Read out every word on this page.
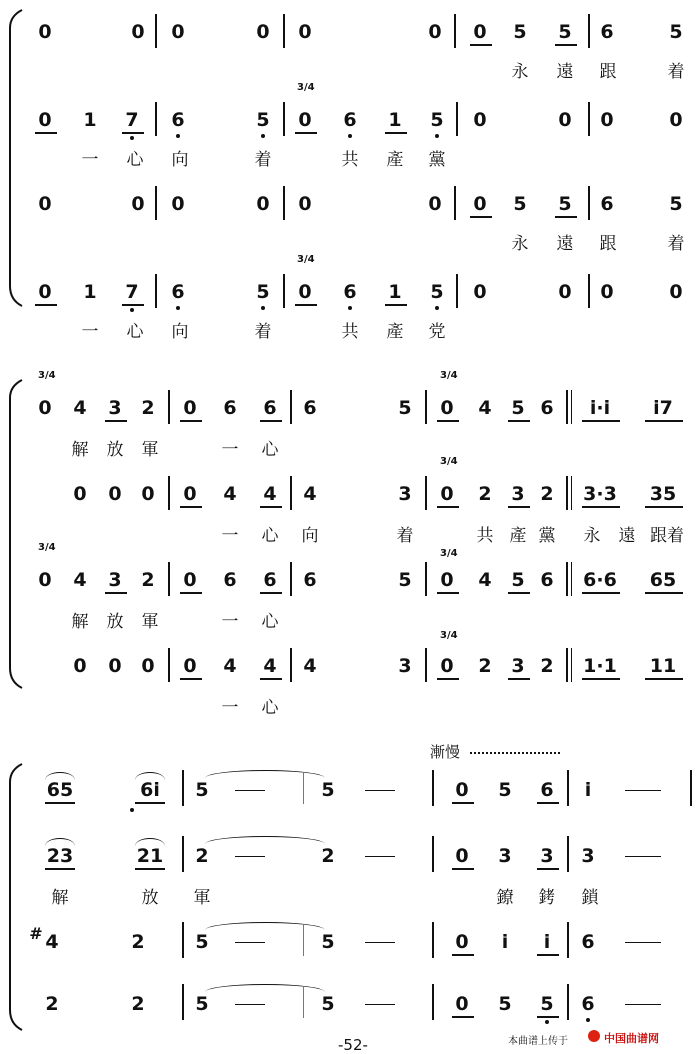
0	0 0	0 0	0 0 5 5 6	5
永 遠 跟	着
3/4
0 1 7 6	5 0 6 1 5 0	0 0	0
一 心 向	着	共 產 黨
0	0 0	0 0	0 0 5 5 6	5
永 遠 跟	着
3/4
0 1 7 6	5 0 6 1 5 0	0 0	0
一 心 向	着	共 產 党
3/4	3/4
0 4 3 2 0 6 6 6	5 0 4 5 6 i·i i7
解 放 軍	一 心
3/4
0 0 0 0 4 4 4	3 0 2 3 2 3·3 35
一 心 向	着	共 產 黨 永 遠 跟着
3/4
3/4
0 4 3 2 0 6 6 6	5 0 4 5 6 6·6 65
解 放 軍	一 心
3/4
0 0 0 0 4 4 4	3 0 2 3 2 1·1 11
一 心
漸慢
65	6i 5	5	0 5 6 i
23	21 2	2	0 3 3 3
解	放 軍	鐐 銬 鎖
# 4	2	5	5	0 i i 6
2	2	5	5	0 5 5 6
-52-	本曲谱上传于	中国曲谱网
